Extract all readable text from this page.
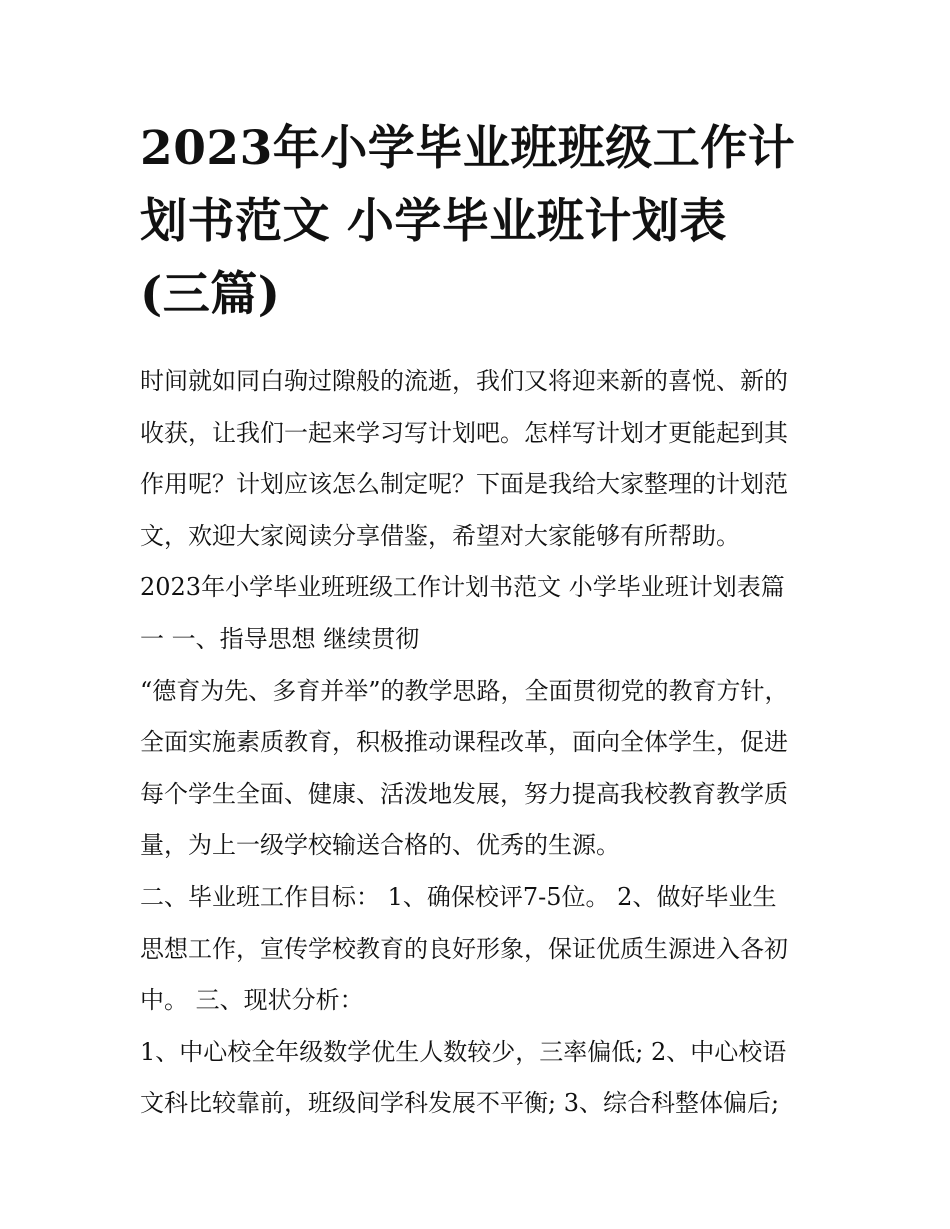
2023年小学毕业班班级工作计
划书范文 小学毕业班计划表
(三篇)
时间就如同白驹过隙般的流逝，我们又将迎来新的喜悦、新的
收获，让我们一起来学习写计划吧。怎样写计划才更能起到其
作用呢？计划应该怎么制定呢？下面是我给大家整理的计划范
文，欢迎大家阅读分享借鉴，希望对大家能够有所帮助。
2023年小学毕业班班级工作计划书范文 小学毕业班计划表篇
一 一、指导思想 继续贯彻
“德育为先、多育并举”的教学思路，全面贯彻党的教育方针，
全面实施素质教育，积极推动课程改革，面向全体学生，促进
每个学生全面、健康、活泼地发展，努力提高我校教育教学质
量，为上一级学校输送合格的、优秀的生源。
二、毕业班工作目标： 1、确保校评7-5位。 2、做好毕业生
思想工作，宣传学校教育的良好形象，保证优质生源进入各初
中。 三、现状分析：
1、中心校全年级数学优生人数较少，三率偏低; 2、中心校语
文科比较靠前，班级间学科发展不平衡; 3、综合科整体偏后;
